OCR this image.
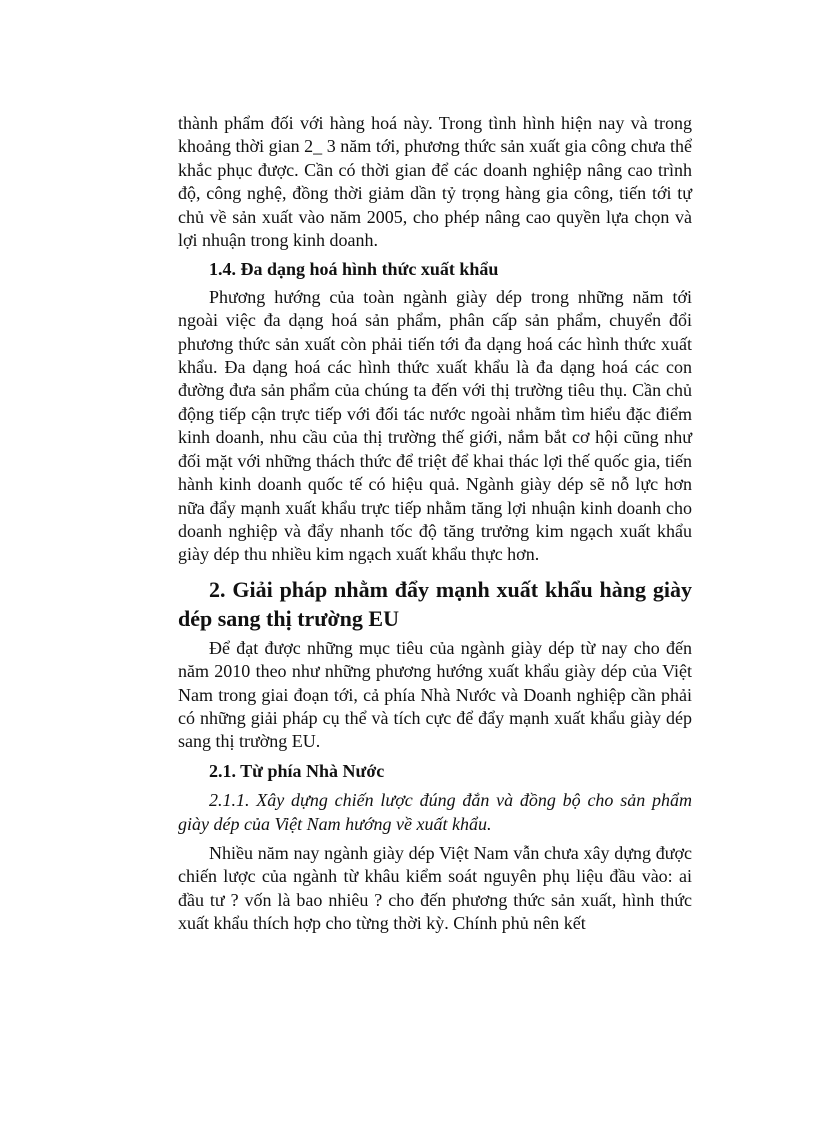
thành phẩm đối với hàng hoá này. Trong tình hình hiện nay và trong khoảng thời gian 2_ 3 năm tới, phương thức sản xuất gia công chưa thể khắc phục được. Cần có thời gian để các doanh nghiệp nâng cao trình độ, công nghệ, đồng thời giảm dần tỷ trọng hàng gia công, tiến tới tự chủ về sản xuất vào năm 2005, cho phép nâng cao quyền lựa chọn và lợi nhuận trong kinh doanh.

1.4. Đa dạng hoá hình thức xuất khẩu

Phương hướng của toàn ngành giày dép trong những năm tới ngoài việc đa dạng hoá sản phẩm, phân cấp sản phẩm, chuyển đổi phương thức sản xuất còn phải tiến tới đa dạng hoá các hình thức xuất khẩu. Đa dạng hoá các hình thức xuất khẩu là đa dạng hoá các con đường đưa sản phẩm của chúng ta đến với thị trường tiêu thụ. Cần chủ động tiếp cận trực tiếp với đối tác nước ngoài nhằm tìm hiểu đặc điểm kinh doanh, nhu cầu của thị trường thế giới, nắm bắt cơ hội cũng như đối mặt với những thách thức để triệt để khai thác lợi thế quốc gia, tiến hành kinh doanh quốc tế có hiệu quả. Ngành giày dép sẽ nỗ lực hơn nữa đẩy mạnh xuất khẩu trực tiếp nhằm tăng lợi nhuận kinh doanh cho doanh nghiệp và đẩy nhanh tốc độ tăng trưởng kim ngạch xuất khẩu giày dép thu nhiều kim ngạch xuất khẩu thực hơn.

2. Giải pháp nhằm đẩy mạnh xuất khẩu hàng giày dép sang thị trường EU

Để đạt được những mục tiêu của ngành giày dép từ nay cho đến năm 2010 theo như những phương hướng xuất khẩu giày dép của Việt Nam trong giai đoạn tới, cả phía Nhà Nước và Doanh nghiệp cần phải có những giải pháp cụ thể và tích cực để đẩy mạnh xuất khẩu giày dép sang thị trường EU.

2.1. Từ phía Nhà Nước

2.1.1. Xây dựng chiến lược đúng đắn và đồng bộ cho sản phẩm giày dép của Việt Nam hướng về xuất khẩu.

Nhiều năm nay ngành giày dép Việt Nam vẫn chưa xây dựng được chiến lược của ngành từ khâu kiểm soát nguyên phụ liệu đầu vào: ai đầu tư ? vốn là bao nhiêu ? cho đến phương thức sản xuất, hình thức xuất khẩu thích hợp cho từng thời kỳ. Chính phủ nên kết
